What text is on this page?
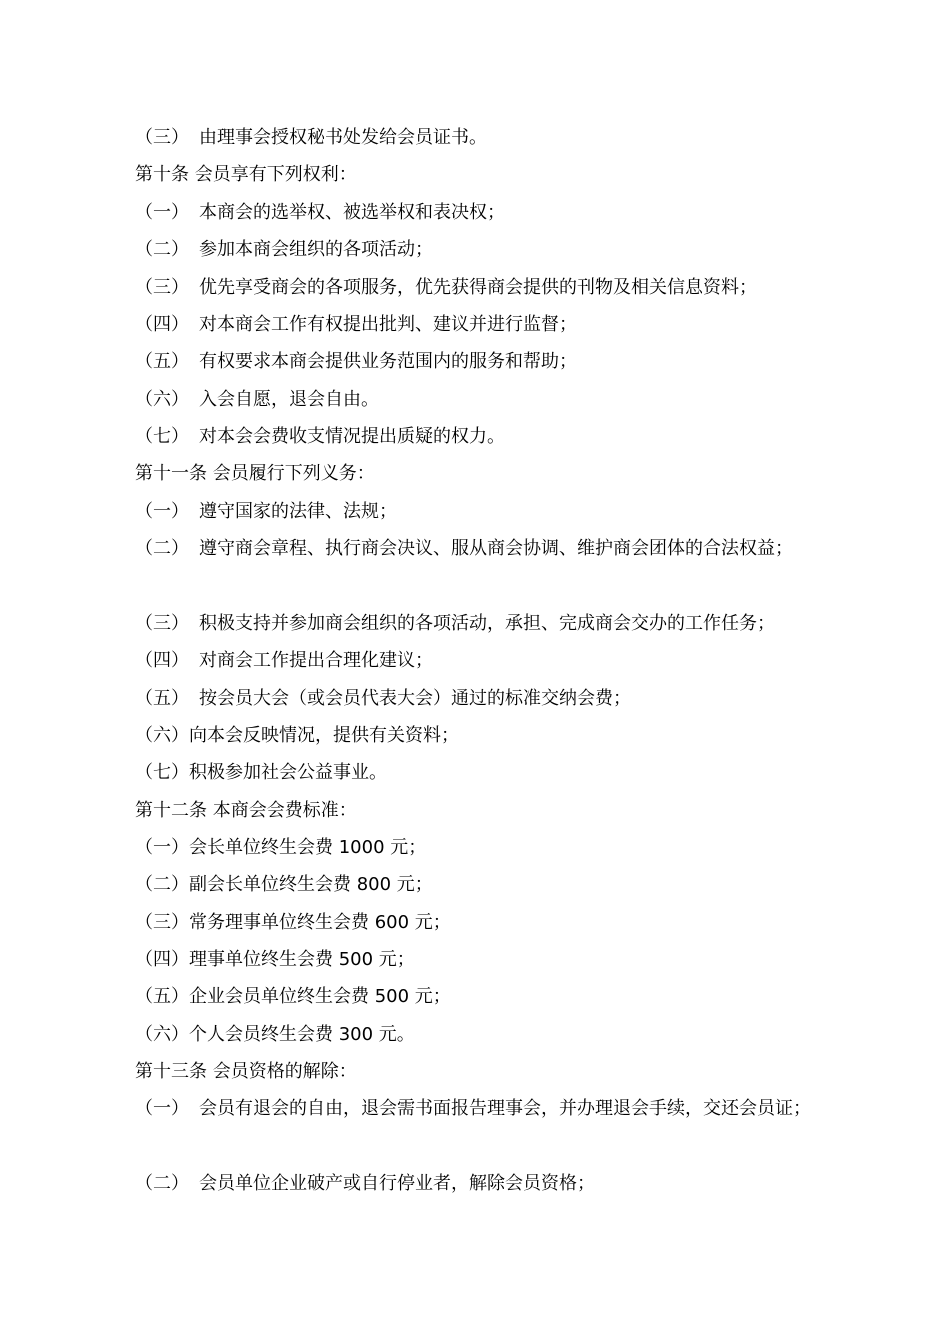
（三） 由理事会授权秘书处发给会员证书。
第十条 会员享有下列权利：
（一） 本商会的选举权、被选举权和表决权；
（二） 参加本商会组织的各项活动；
（三） 优先享受商会的各项服务，优先获得商会提供的刊物及相关信息资料；
（四） 对本商会工作有权提出批判、建议并进行监督；
（五） 有权要求本商会提供业务范围内的服务和帮助；
（六） 入会自愿，退会自由。
（七） 对本会会费收支情况提出质疑的权力。
第十一条 会员履行下列义务：
（一） 遵守国家的法律、法规；
（二） 遵守商会章程、执行商会决议、服从商会协调、维护商会团体的合法权益；
（三） 积极支持并参加商会组织的各项活动，承担、完成商会交办的工作任务；
（四） 对商会工作提出合理化建议；
（五） 按会员大会（或会员代表大会）通过的标准交纳会费；
（六）向本会反映情况，提供有关资料；
（七）积极参加社会公益事业。
第十二条 本商会会费标准：
（一）会长单位终生会费 1000 元；
（二）副会长单位终生会费 800 元；
（三）常务理事单位终生会费 600 元；
（四）理事单位终生会费 500 元；
（五）企业会员单位终生会费 500 元；
（六）个人会员终生会费 300 元。
第十三条 会员资格的解除：
（一） 会员有退会的自由，退会需书面报告理事会，并办理退会手续，交还会员证；
（二） 会员单位企业破产或自行停业者，解除会员资格；
